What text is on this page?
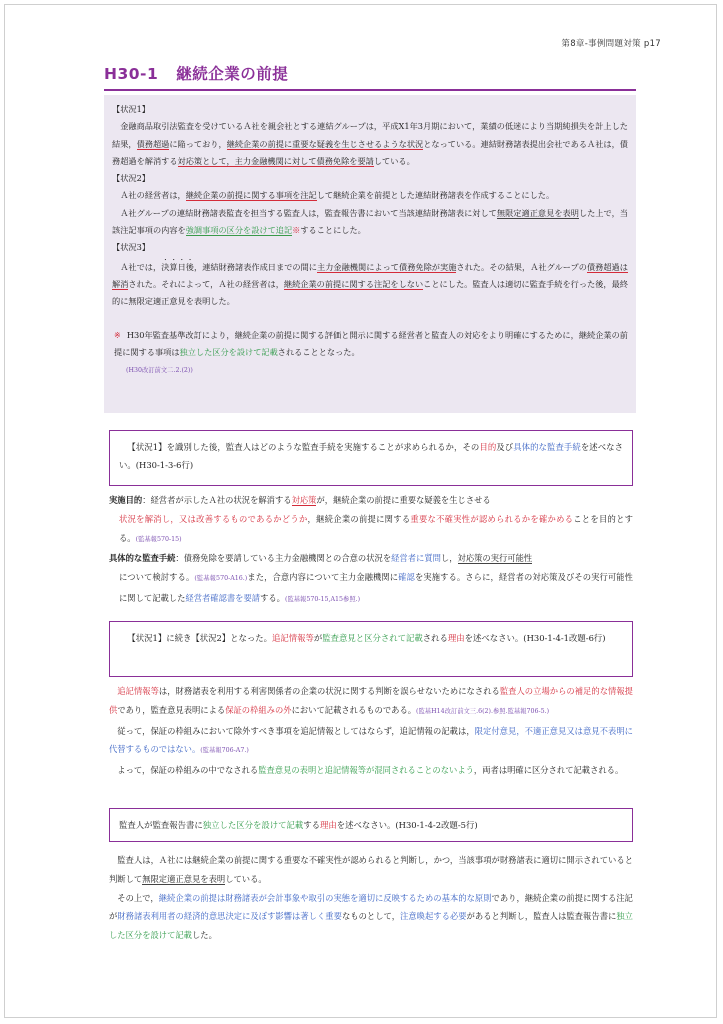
第8章-事例問題対策 p17
H30-1 継続企業の前提

【状況1】
金融商品取引法監査を受けているＡ社を親会社とする連結グループは，平成X1年3月期において，業績の低迷により当期純損失を計上した結果，債務超過に陥っており，継続企業の前提に重要な疑義を生じさせるような状況となっている。連結財務諸表提出会社であるＡ社は，債務超過を解消する対応策として，主力金融機関に対して債務免除を要請している。

【状況2】
Ａ社の経営者は，継続企業の前提に関する事項を注記して継続企業を前提とした連結財務諸表を作成することにした。
Ａ社グループの連結財務諸表監査を担当する監査人は，監査報告書において当該連結財務諸表に対して無限定適正意見を表明した上で，当該注記事項の内容を強調事項の区分を設けて追記※することにした。

【状況3】
Ａ社では，決算日後，連結財務諸表作成日までの間に主力金融機関によって債務免除が実施された。その結果，Ａ社グループの債務超過は解消された。それによって，Ａ社の経営者は，継続企業の前提に関する注記をしないことにした。監査人は適切に監査手続を行った後，最終的に無限定適正意見を表明した。

※ H30年監査基準改訂により，継続企業の前提に関する評価と開示に関する経営者と監査人の対応をより明確にするために，継続企業の前提に関する事項は独立した区分を設けて記載されることとなった。
(H30改訂前文二.2.(2))

【状況1】を識別した後，監査人はどのような監査手続を実施することが求められるか，その目的及び具体的な監査手続を述べなさい。(H30-1-3-6行)

実施目的：経営者が示したＡ社の状況を解消する対応策が，継続企業の前提に重要な疑義を生じさせる

状況を解消し，又は改善するものであるかどうか，継続企業の前提に関する重要な不確実性が認められるかを確かめることを目的とする。(監基報570-15)

具体的な監査手続：債務免除を要請している主力金融機関との合意の状況を経営者に質問し，対応策の実行可能性

について検討する。(監基報570-A16.)また，合意内容について主力金融機関に確認を実施する。さらに，経営者の対応策及びその実行可能性に関して記載した経営者確認書を要請する。(監基報570-15,A15参照.)

【状況1】に続き【状況2】となった。追記情報等が監査意見と区分されて記載される理由を述べなさい。(H30-1-4-1改題-6行)

追記情報等は，財務諸表を利用する利害関係者の企業の状況に関する判断を誤らせないためになされる監査人の立場からの補足的な情報提供であり，監査意見表明による保証の枠組みの外において記載されるものである。(監基H14改訂前文三.6(2).参照.監基報706-5.)

従って，保証の枠組みにおいて除外すべき事項を追記情報としてはならず，追記情報の記載は，限定付意見，不適正意見又は意見不表明に代替するものではない。(監基報706-A7.)

よって，保証の枠組みの中でなされる監査意見の表明と追記情報等が混同されることのないよう，両者は明確に区分されて記載される。

監査人が監査報告書に独立した区分を設けて記載する理由を述べなさい。(H30-1-4-2改題-5行)

監査人は，Ａ社には継続企業の前提に関する重要な不確実性が認められると判断し，かつ，当該事項が財務諸表に適切に開示されていると判断して無限定適正意見を表明している。

その上で，継続企業の前提は財務諸表が会計事象や取引の実態を適切に反映するための基本的な原則であり，継続企業の前提に関する注記が財務諸表利用者の経済的意思決定に及ぼす影響は著しく重要なものとして，注意喚起する必要があると判断し，監査人は監査報告書に独立した区分を設けて記載した。
